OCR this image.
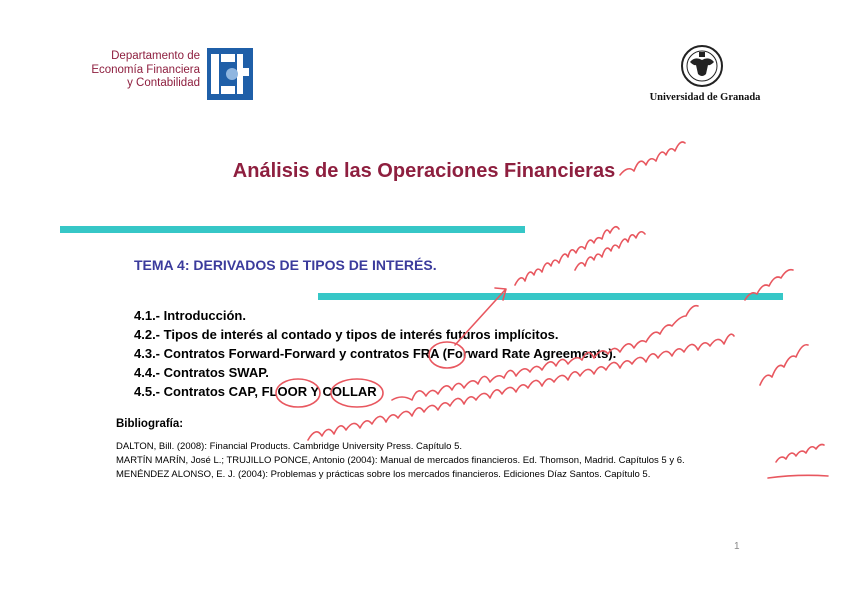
Departamento de
Economía Financiera
y Contabilidad
Universidad de Granada
Análisis de las Operaciones Financieras
TEMA 4: DERIVADOS DE TIPOS DE INTERÉS.
4.1.- Introducción.
4.2.- Tipos de interés al contado y tipos de interés futuros implícitos.
4.3.- Contratos Forward-Forward y contratos FRA (Forward Rate Agreements).
4.4.- Contratos SWAP.
4.5.- Contratos CAP, FLOOR Y COLLAR
Bibliografía:
DALTON, Bill. (2008): Financial Products. Cambridge University Press. Capítulo 5.
MARTÍN MARÍN, José L.; TRUJILLO PONCE, Antonio (2004): Manual de mercados financieros. Ed. Thomson, Madrid. Capítulos 5 y 6.
MENÉNDEZ ALONSO, E. J. (2004): Problemas y prácticas sobre los mercados financieros. Ediciones Díaz Santos. Capítulo 5.
1
